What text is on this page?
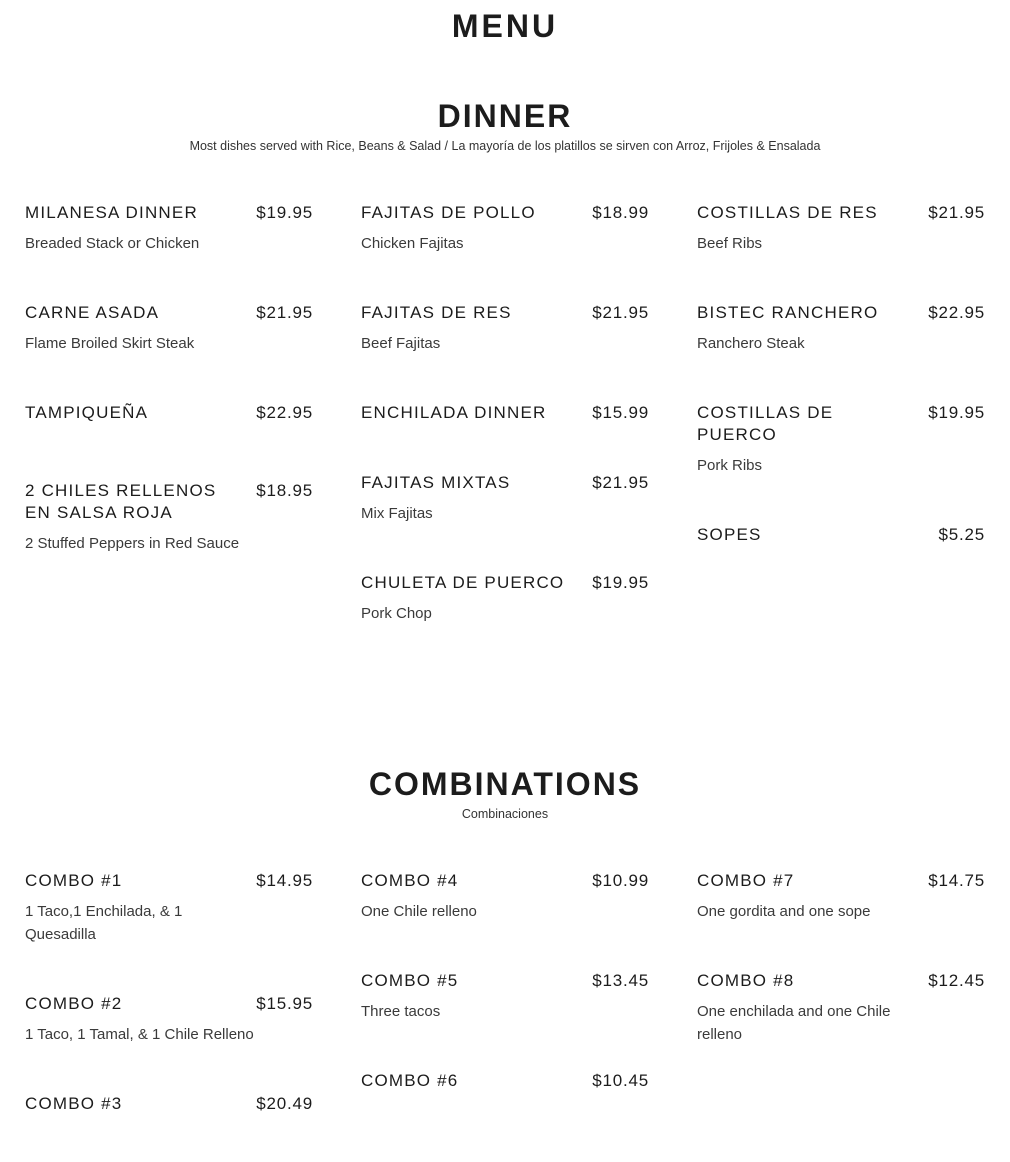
MENU
DINNER

Most dishes served with Rice, Beans & Salad / La mayoría de los platillos se sirven con Arroz, Frijoles & Ensalada

MILANESA DINNER	$19.95
Breaded Stack or Chicken
CARNE ASADA	$21.95
Flame Broiled Skirt Steak
TAMPIQUEÑA	$22.95
2 CHILES RELLENOS EN SALSA ROJA
$18.95
2 Stuffed Peppers in Red Sauce
FAJITAS DE POLLO	$18.99
Chicken Fajitas
FAJITAS DE RES	$21.95
Beef Fajitas
ENCHILADA DINNER	$15.99
FAJITAS MIXTAS	$21.95
Mix Fajitas
CHULETA DE PUERCO $19.95
Pork Chop
COSTILLAS DE RES	$21.95
Beef Ribs
BISTEC RANCHERO	$22.95
Ranchero Steak
COSTILLAS DE PUERCO
$19.95
Pork Ribs
SOPES	$5.25
COMBINATIONS

Combinaciones

COMBO #1	$14.95
1 Taco,1 Enchilada, & 1 Quesadilla
COMBO #2	$15.95
1 Taco, 1 Tamal, & 1 Chile Relleno
COMBO #3	$20.49
COMBO #4	$10.99
One Chile relleno
COMBO #5	$13.45
Three tacos
COMBO #6	$10.45
COMBO #7	$14.75
One gordita and one sope
COMBO #8	$12.45
One enchilada and one Chile relleno
